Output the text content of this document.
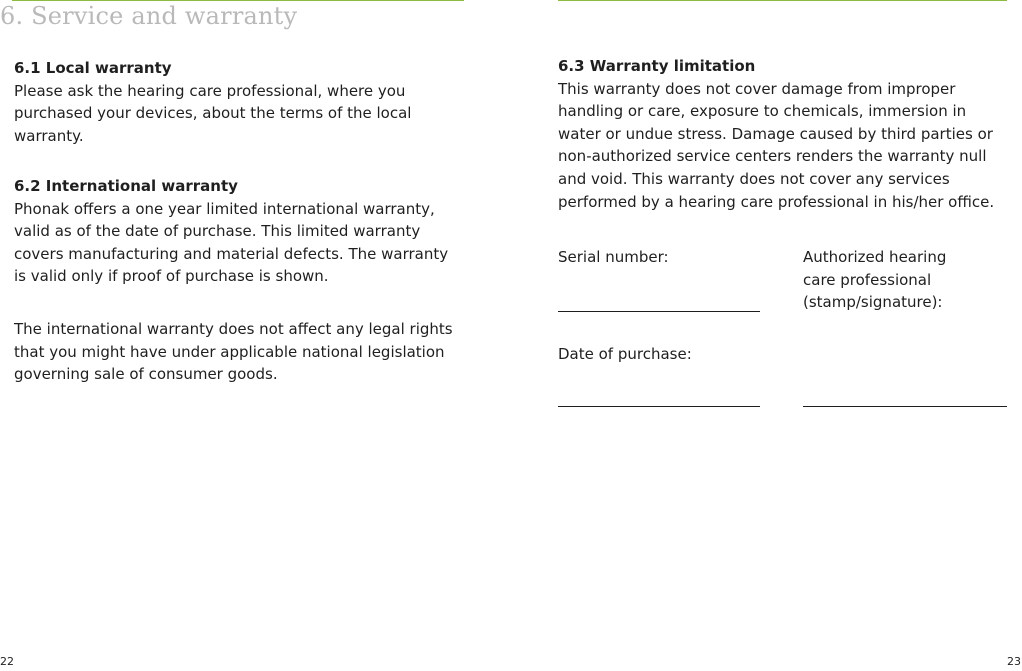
6. Service and warranty
6.1 Local warranty

Please ask the hearing care professional, where you purchased your devices, about the terms of the local warranty.

6.2 International warranty

Phonak offers a one year limited international warranty, valid as of the date of purchase. This limited warranty covers manufacturing and material defects. The warranty is valid only if proof of purchase is shown.

The international warranty does not affect any legal rights that you might have under applicable national legislation governing sale of consumer goods.

22
6.3 Warranty limitation

This warranty does not cover damage from improper handling or care, exposure to chemicals, immersion in water or undue stress. Damage caused by third parties or non-authorized service centers renders the warranty null and void. This warranty does not cover any services performed by a hearing care professional in his/her office.

Serial number:
Date of purchase:
Authorized hearing care professional (stamp/signature):
23
